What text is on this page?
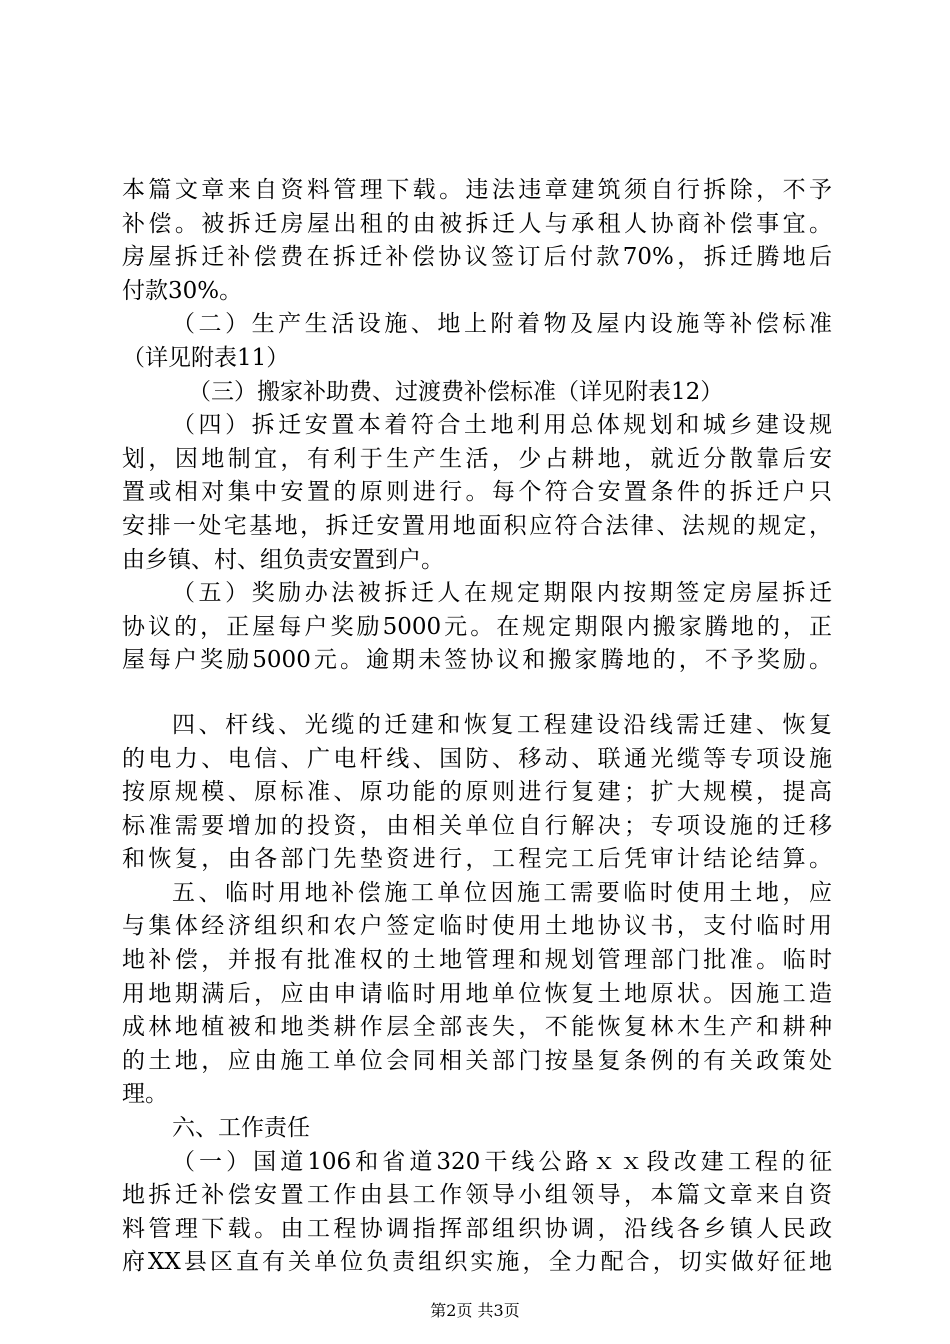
本篇文章来自资料管理下载。违法违章建筑须自行拆除，不予
补偿。被拆迁房屋出租的由被拆迁人与承租人协商补偿事宜。
房屋拆迁补偿费在拆迁补偿协议签订后付款70%，拆迁腾地后
付款30%。
（二）生产生活设施、地上附着物及屋内设施等补偿标准
（详见附表11）
（三）搬家补助费、过渡费补偿标准（详见附表12）
（四）拆迁安置本着符合土地利用总体规划和城乡建设规
划，因地制宜，有利于生产生活，少占耕地，就近分散靠后安
置或相对集中安置的原则进行。每个符合安置条件的拆迁户只
安排一处宅基地，拆迁安置用地面积应符合法律、法规的规定，
由乡镇、村、组负责安置到户。
（五）奖励办法被拆迁人在规定期限内按期签定房屋拆迁
协议的，正屋每户奖励5000元。在规定期限内搬家腾地的，正
屋每户奖励5000元。逾期未签协议和搬家腾地的，不予奖励。
四、杆线、光缆的迁建和恢复工程建设沿线需迁建、恢复
的电力、电信、广电杆线、国防、移动、联通光缆等专项设施
按原规模、原标准、原功能的原则进行复建；扩大规模，提高
标准需要增加的投资，由相关单位自行解决；专项设施的迁移
和恢复，由各部门先垫资进行，工程完工后凭审计结论结算。
五、临时用地补偿施工单位因施工需要临时使用土地，应
与集体经济组织和农户签定临时使用土地协议书，支付临时用
地补偿，并报有批准权的土地管理和规划管理部门批准。临时
用地期满后，应由申请临时用地单位恢复土地原状。因施工造
成林地植被和地类耕作层全部丧失，不能恢复林木生产和耕种
的土地，应由施工单位会同相关部门按垦复条例的有关政策处
理。
六、工作责任
（一）国道106和省道320干线公路ｘｘ段改建工程的征
地拆迁补偿安置工作由县工作领导小组领导，本篇文章来自资
料管理下载。由工程协调指挥部组织协调，沿线各乡镇人民政
府XX县区直有关单位负责组织实施，全力配合，切实做好征地
第2页 共3页
